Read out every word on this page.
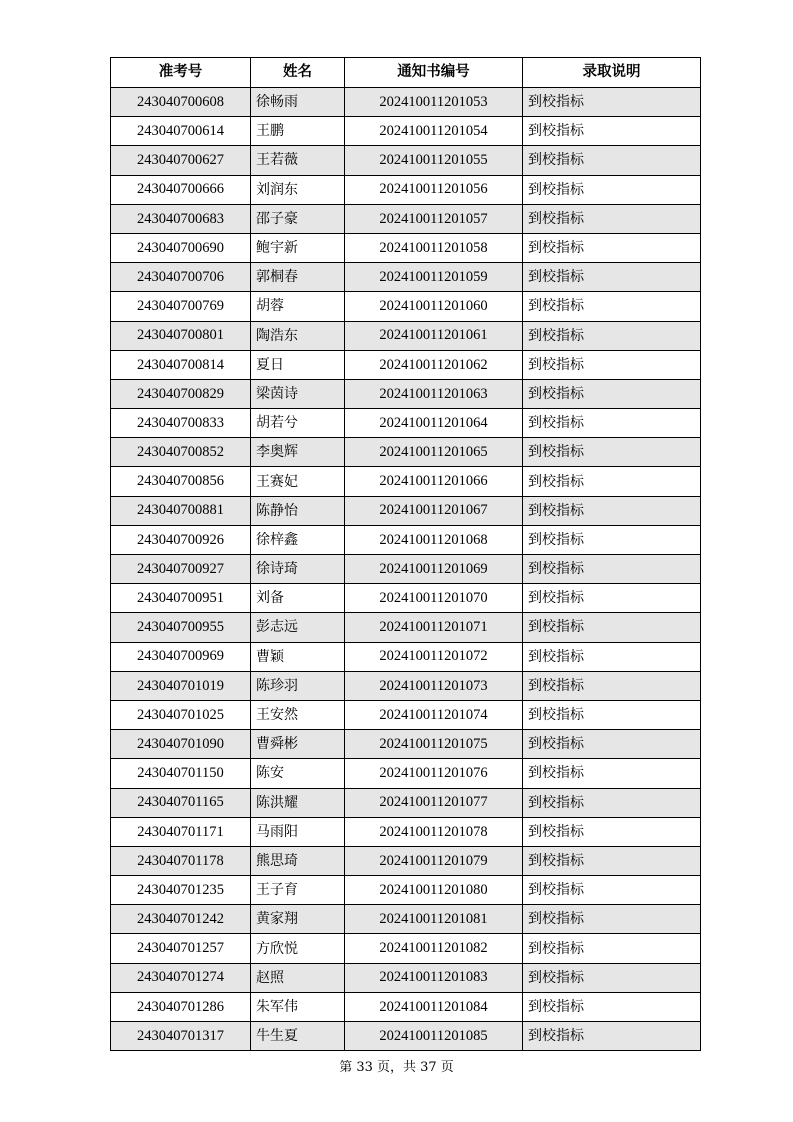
准考号	姓名	通知书编号	录取说明
243040700608	徐畅雨	202410011201053	到校指标
243040700614	王鹏	202410011201054	到校指标
243040700627	王若薇	202410011201055	到校指标
243040700666	刘润东	202410011201056	到校指标
243040700683	邵子豪	202410011201057	到校指标
243040700690	鲍宇新	202410011201058	到校指标
243040700706	郭桐春	202410011201059	到校指标
243040700769	胡蓉	202410011201060	到校指标
243040700801	陶浩东	202410011201061	到校指标
243040700814	夏日	202410011201062	到校指标
243040700829	梁茵诗	202410011201063	到校指标
243040700833	胡若兮	202410011201064	到校指标
243040700852	李奥辉	202410011201065	到校指标
243040700856	王赛妃	202410011201066	到校指标
243040700881	陈静怡	202410011201067	到校指标
243040700926	徐梓鑫	202410011201068	到校指标
243040700927	徐诗琦	202410011201069	到校指标
243040700951	刘备	202410011201070	到校指标
243040700955	彭志远	202410011201071	到校指标
243040700969	曹颖	202410011201072	到校指标
243040701019	陈珍羽	202410011201073	到校指标
243040701025	王安然	202410011201074	到校指标
243040701090	曹舜彬	202410011201075	到校指标
243040701150	陈安	202410011201076	到校指标
243040701165	陈洪耀	202410011201077	到校指标
243040701171	马雨阳	202410011201078	到校指标
243040701178	熊思琦	202410011201079	到校指标
243040701235	王子育	202410011201080	到校指标
243040701242	黄家翔	202410011201081	到校指标
243040701257	方欣悦	202410011201082	到校指标
243040701274	赵照	202410011201083	到校指标
243040701286	朱军伟	202410011201084	到校指标
243040701317	牛生夏	202410011201085	到校指标
第 33 页，共 37 页
